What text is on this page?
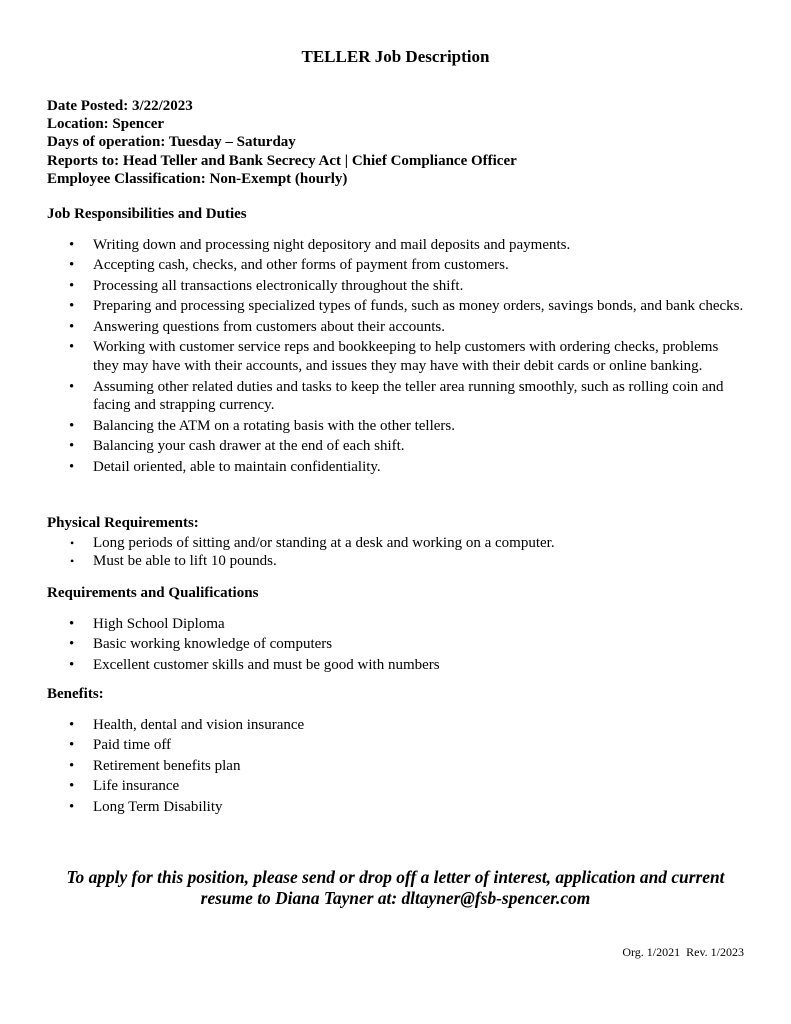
TELLER Job Description
Date Posted: 3/22/2023
Location: Spencer
Days of operation: Tuesday – Saturday
Reports to: Head Teller and Bank Secrecy Act | Chief Compliance Officer
Employee Classification: Non-Exempt (hourly)
Job Responsibilities and Duties
• Writing down and processing night depository and mail deposits and payments.
• Accepting cash, checks, and other forms of payment from customers.
• Processing all transactions electronically throughout the shift.
• Preparing and processing specialized types of funds, such as money orders, savings bonds, and bank checks.
• Answering questions from customers about their accounts.
• Working with customer service reps and bookkeeping to help customers with ordering checks, problems they may have with their accounts, and issues they may have with their debit cards or online banking.
• Assuming other related duties and tasks to keep the teller area running smoothly, such as rolling coin and facing and strapping currency.
• Balancing the ATM on a rotating basis with the other tellers.
• Balancing your cash drawer at the end of each shift.
• Detail oriented, able to maintain confidentiality.
Physical Requirements:
• Long periods of sitting and/or standing at a desk and working on a computer.
• Must be able to lift 10 pounds.
Requirements and Qualifications
• High School Diploma
• Basic working knowledge of computers
• Excellent customer skills and must be good with numbers
Benefits:
• Health, dental and vision insurance
• Paid time off
• Retirement benefits plan
• Life insurance
• Long Term Disability
To apply for this position, please send or drop off a letter of interest, application and current
resume to Diana Tayner at: dltayner@fsb-spencer.com
Org. 1/2021  Rev. 1/2023
